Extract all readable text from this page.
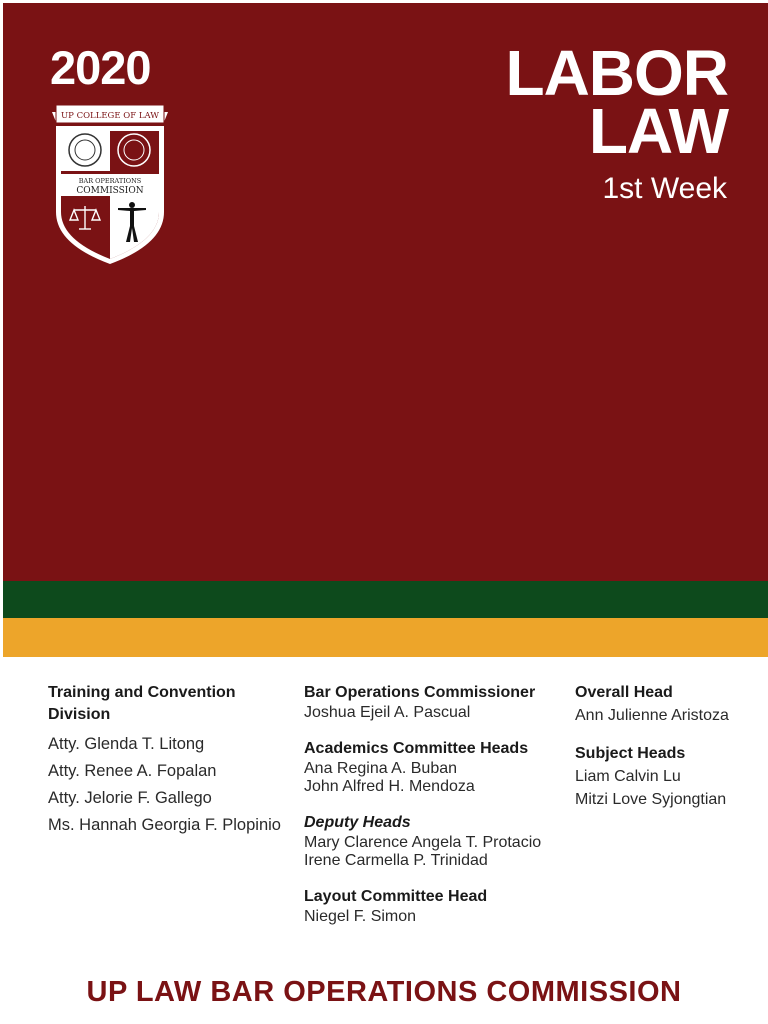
2020
BAR OPERATIONS
COMMISSION
UP COLLEGE OF LAW
LABOR
LAW
1st Week
Training and Convention Division
Atty. Glenda T. Litong
Atty. Renee A. Fopalan
Atty. Jelorie F. Gallego
Ms. Hannah Georgia F. Plopinio
Bar Operations Commissioner
Joshua Ejeil A. Pascual
Academics Committee Heads
Ana Regina A. Buban
John Alfred H. Mendoza
Deputy Heads
Mary Clarence Angela T. Protacio
Irene Carmella P. Trinidad
Layout Committee Head
Niegel F. Simon
Overall Head
Ann Julienne Aristoza
Subject Heads
Liam Calvin Lu
Mitzi Love Syjongtian
UP LAW BAR OPERATIONS COMMISSION
